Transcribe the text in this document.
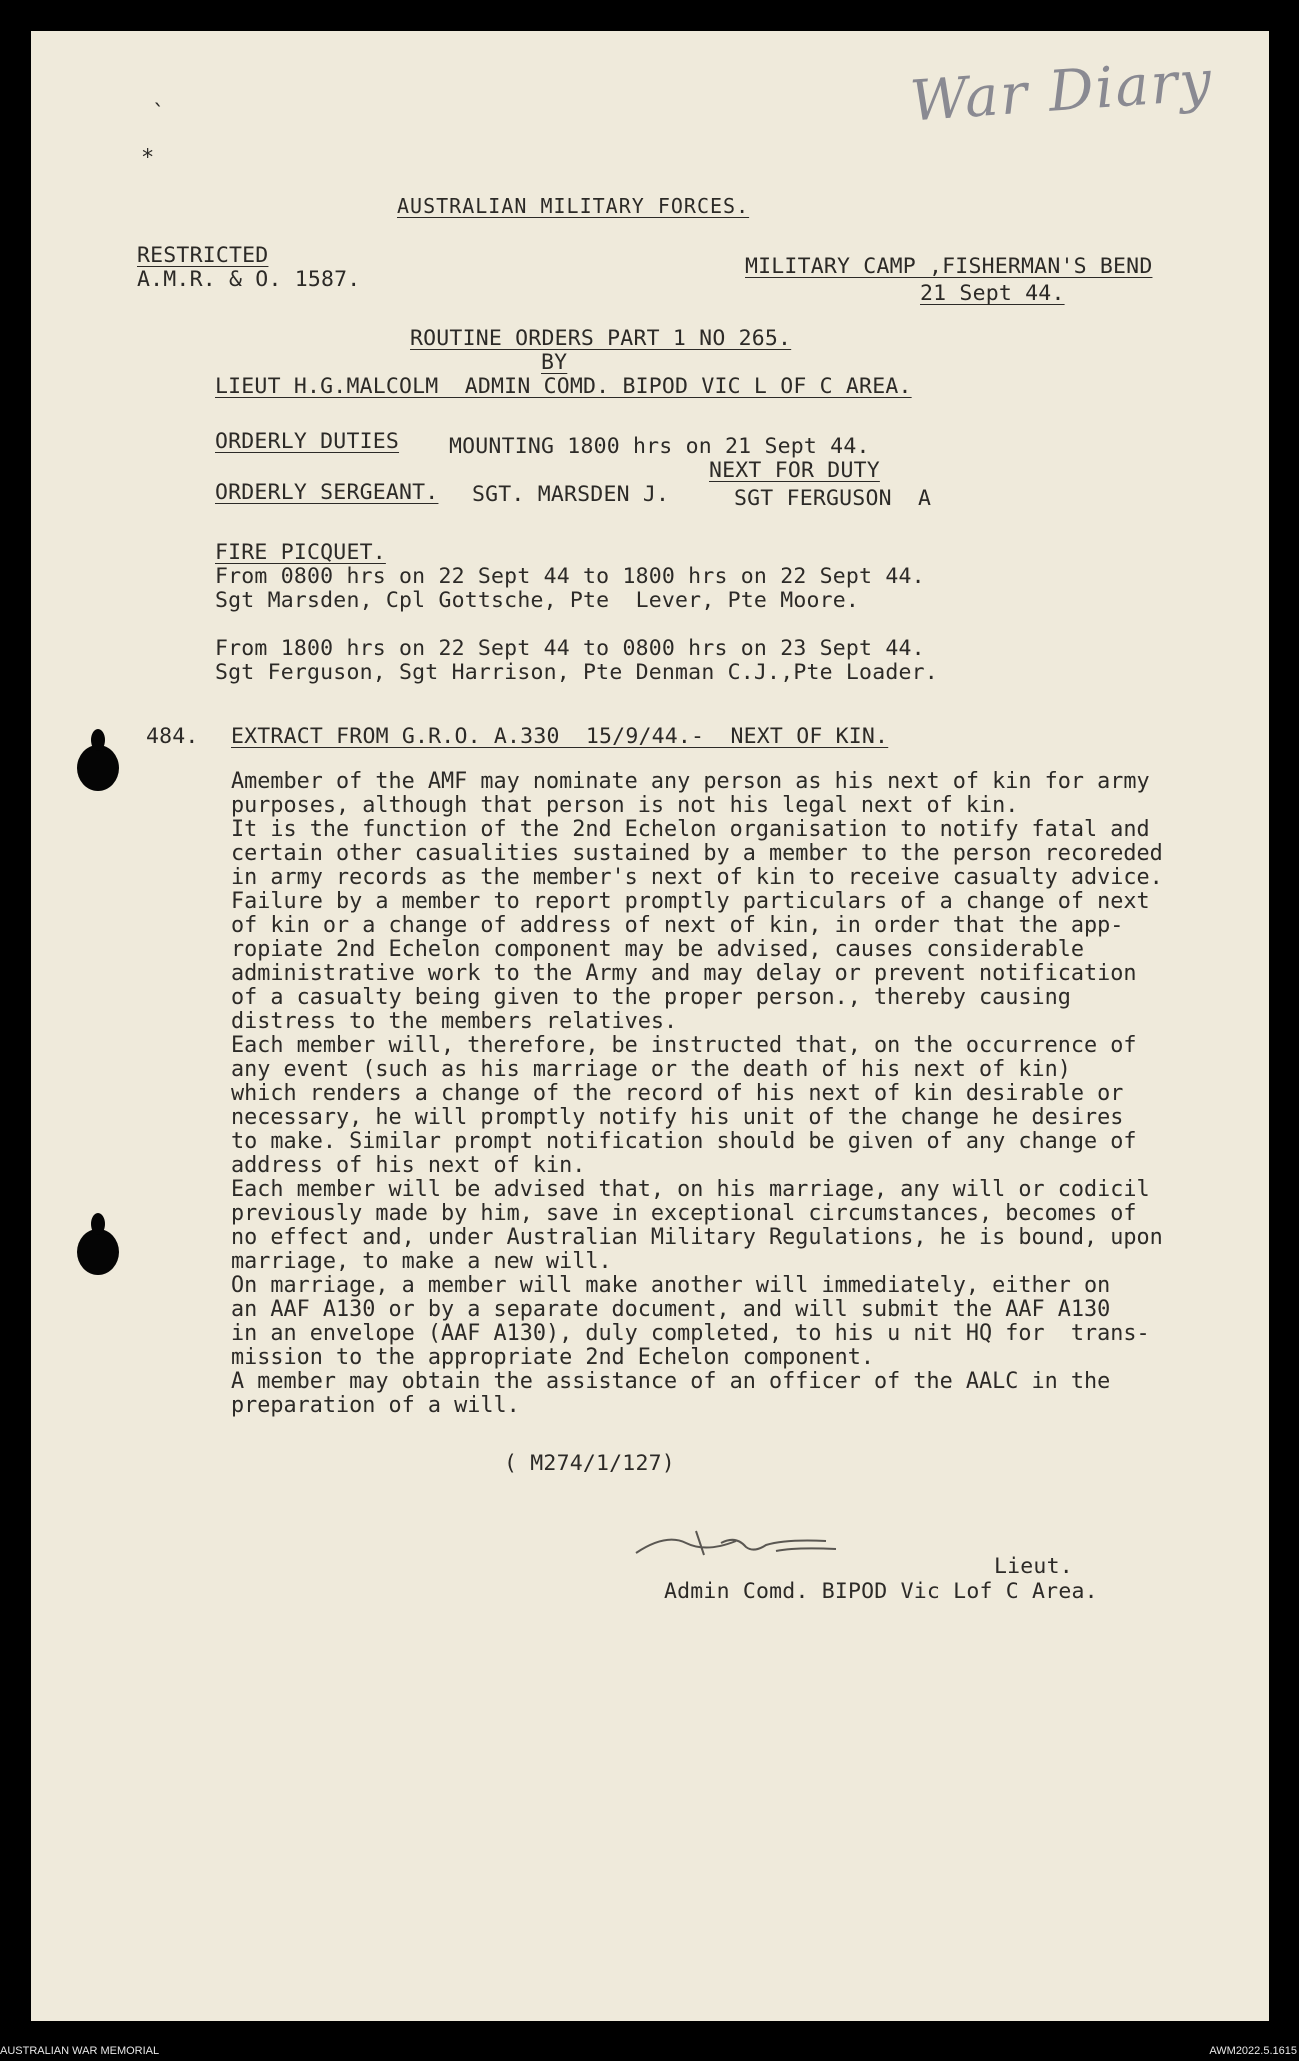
ˎ
∗
War Diary
AUSTRALIAN MILITARY FORCES.
RESTRICTED
A.M.R. & O. 1587.
MILITARY CAMP ,FISHERMAN'S BEND
21 Sept 44.
ROUTINE ORDERS PART 1 NO 265.
BY
LIEUT H.G.MALCOLM  ADMIN COMD. BIPOD VIC L OF C AREA.
ORDERLY DUTIES MOUNTING 1800 hrs on 21 Sept 44.
NEXT FOR DUTY
ORDERLY SERGEANT. SGT. MARSDEN J.	SGT FERGUSON  A
FIRE PICQUET.
From 0800 hrs on 22 Sept 44 to 1800 hrs on 22 Sept 44.
Sgt Marsden, Cpl Gottsche, Pte  Lever, Pte Moore.
From 1800 hrs on 22 Sept 44 to 0800 hrs on 23 Sept 44.
Sgt Ferguson, Sgt Harrison, Pte Denman C.J.,Pte Loader.
484. EXTRACT FROM G.R.O. A.330  15/9/44.-  NEXT OF KIN.

Amember of the AMF may nominate any person as his next of kin for army

purposes, although that person is not his legal next of kin.

It is the function of the 2nd Echelon organisation to notify fatal and

certain other casualities sustained by a member to the person recoreded

in army records as the member's next of kin to receive casualty advice.

Failure by a member to report promptly particulars of a change of next

of kin or a change of address of next of kin, in order that the app-

ropiate 2nd Echelon component may be advised, causes considerable

administrative work to the Army and may delay or prevent notification

of a casualty being given to the proper person., thereby causing

distress to the members relatives.

Each member will, therefore, be instructed that, on the occurrence of

any event (such as his marriage or the death of his next of kin)

which renders a change of the record of his next of kin desirable or

necessary, he will promptly notify his unit of the change he desires

to make. Similar prompt notification should be given of any change of

address of his next of kin.

Each member will be advised that, on his marriage, any will or codicil

previously made by him, save in exceptional circumstances, becomes of

no effect and, under Australian Military Regulations, he is bound, upon

marriage, to make a new will.

On marriage, a member will make another will immediately, either on

an AAF A130 or by a separate document, and will submit the AAF A130

in an envelope (AAF A130), duly completed, to his u nit HQ for  trans-

mission to the appropriate 2nd Echelon component.

A member may obtain the assistance of an officer of the AALC in the

preparation of a will.

( M274/1/127)
Lieut.
Admin Comd. BIPOD Vic Lof C Area.
AUSTRALIAN WAR MEMORIAL	AWM2022.5.1615
